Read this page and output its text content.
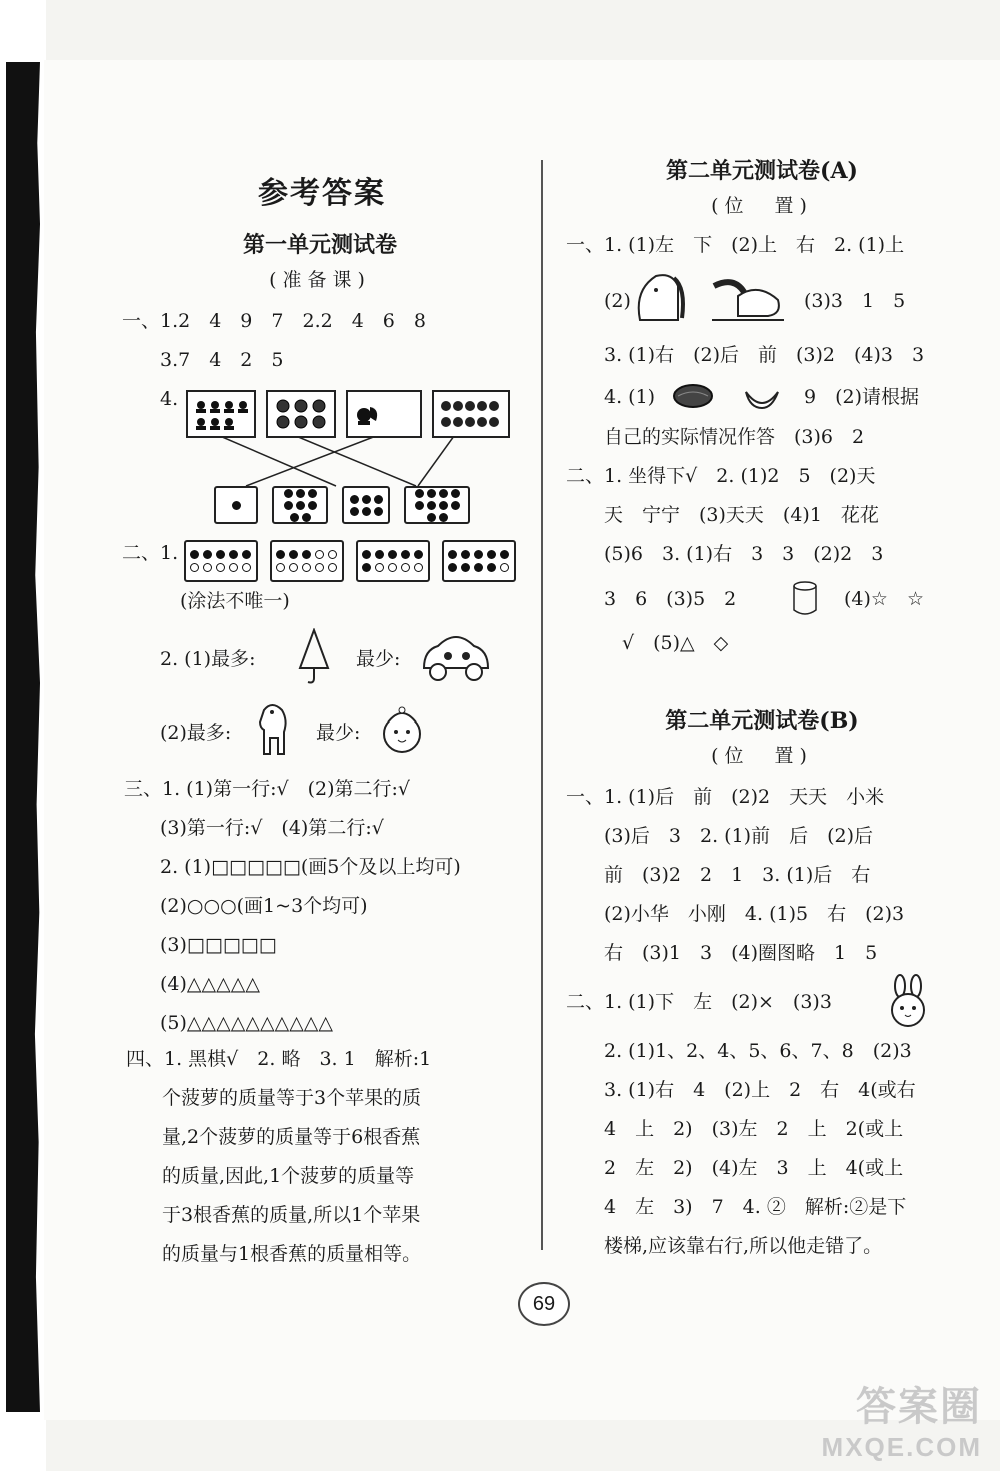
参考答案
第一单元测试卷
(准备课)
一、1.2　4　9　7　2.2　4　6　8
3.7　4　2　5
4.
二、1.
(涂法不唯一)
2. (1)最多:	最少:
(2)最多:	最少:
三、1. (1)第一行:√　(2)第二行:√
(3)第一行:√　(4)第二行:√
2. (1)□□□□□(画5个及以上均可)
(2)○○○(画1~3个均可)
(3)□□□□□
(4)△△△△△
(5)△△△△△△△△△△
四、1. 黑棋√　2. 略　3. 1　解析:1
个菠萝的质量等于3个苹果的质
量,2个菠萝的质量等于6根香蕉
的质量,因此,1个菠萝的质量等
于3根香蕉的质量,所以1个苹果
的质量与1根香蕉的质量相等。
第二单元测试卷(A)
(位　置)
一、1. (1)左　下　(2)上　右　2. (1)上
(2)	(3)3　1　5
3. (1)右　(2)后　前　(3)2　(4)3　3
4. (1)	9　(2)请根据
自己的实际情况作答　(3)6　2
二、1. 坐得下√　2. (1)2　5　(2)天
天　宁宁　(3)天天　(4)1　花花
(5)6　3. (1)右　3　3　(2)2　3
3　6　(3)5　2	(4)☆　☆
√　(5)△　◇
第二单元测试卷(B)
(位　置)
一、1. (1)后　前　(2)2　天天　小米
(3)后　3　2. (1)前　后　(2)后
前　(3)2　2　1　3. (1)后　右
(2)小华　小刚　4. (1)5　右　(2)3
右　(3)1　3　(4)圈图略　1　5
二、1. (1)下　左　(2)×　(3)3
2. (1)1、2、4、5、6、7、8　(2)3
3. (1)右　4　(2)上　2　右　4(或右
4　上　2)　(3)左　2　上　2(或上
2　左　2)　(4)左　3　上　4(或上
4　左　3)　7　4. ②　解析:②是下
楼梯,应该靠右行,所以他走错了。
69
答案圈
MXQE.COM
